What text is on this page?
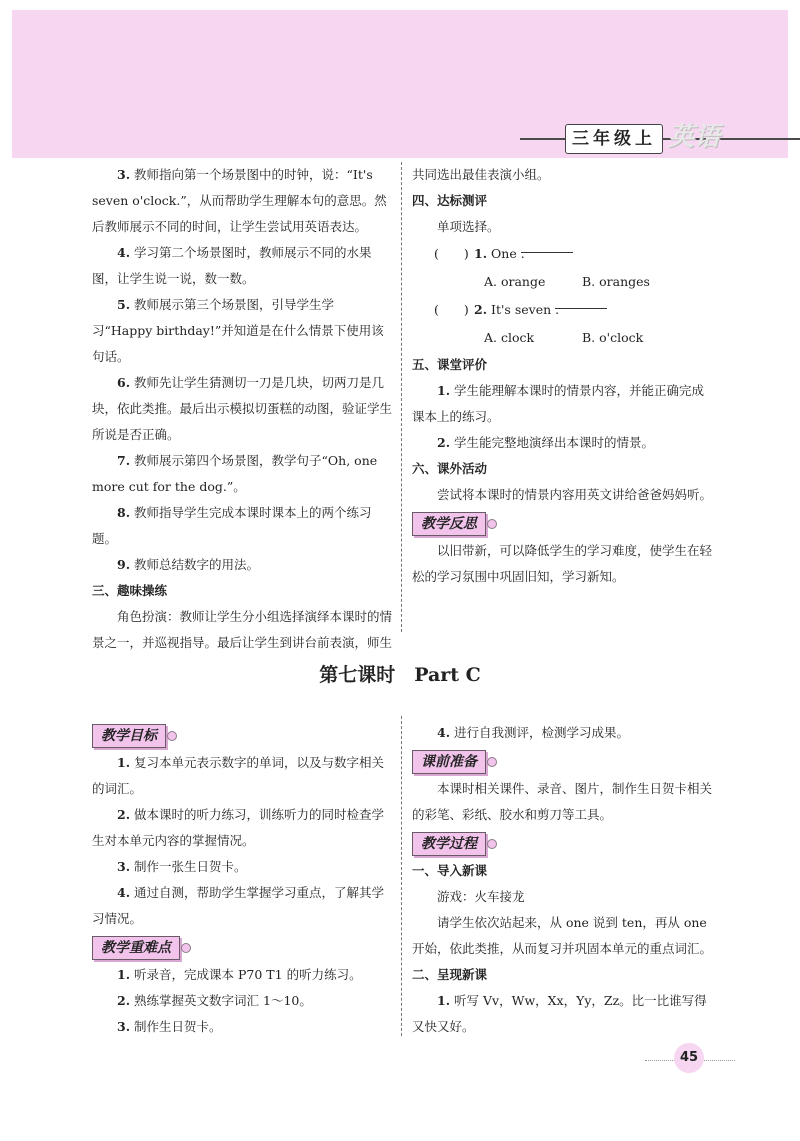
三年级上 英语

3. 教师指向第一个场景图中的时钟，说：“It's seven o'clock.”，从而帮助学生理解本句的意思。然后教师展示不同的时间，让学生尝试用英语表达。

4. 学习第二个场景图时，教师展示不同的水果图，让学生说一说，数一数。

5. 教师展示第三个场景图，引导学生学习“Happy birthday!”并知道是在什么情景下使用该句话。

6. 教师先让学生猜测切一刀是几块，切两刀是几块，依此类推。最后出示模拟切蛋糕的动图，验证学生所说是否正确。

7. 教师展示第四个场景图，教学句子“Oh, one more cut for the dog.”。

8. 教师指导学生完成本课时课本上的两个练习题。

9. 教师总结数字的用法。

三、趣味操练

角色扮演：教师让学生分小组选择演绎本课时的情景之一，并巡视指导。最后让学生到讲台前表演，师生

共同选出最佳表演小组。

四、达标测评

单项选择。

(　　) 1. One .
A. orange	B. oranges
(　　) 2. It's seven .
A. clock	B. o'clock

五、课堂评价

1. 学生能理解本课时的情景内容，并能正确完成课本上的练习。

2. 学生能完整地演绎出本课时的情景。

六、课外活动

尝试将本课时的情景内容用英文讲给爸爸妈妈听。

教学反思

以旧带新，可以降低学生的学习难度，使学生在轻松的学习氛围中巩固旧知，学习新知。

第七课时　Part C
教学目标

1. 复习本单元表示数字的单词，以及与数字相关的词汇。

2. 做本课时的听力练习，训练听力的同时检查学生对本单元内容的掌握情况。

3. 制作一张生日贺卡。

4. 通过自测，帮助学生掌握学习重点，了解其学习情况。

教学重难点

1. 听录音，完成课本 P70 T1 的听力练习。

2. 熟练掌握英文数字词汇 1～10。

3. 制作生日贺卡。

4. 进行自我测评，检测学习成果。

课前准备

本课时相关课件、录音、图片，制作生日贺卡相关的彩笔、彩纸、胶水和剪刀等工具。

教学过程

一、导入新课

游戏：火车接龙

请学生依次站起来，从 one 说到 ten，再从 one 开始，依此类推，从而复习并巩固本单元的重点词汇。

二、呈现新课

1. 听写 Vv，Ww，Xx，Yy，Zz。比一比谁写得又快又好。

45
